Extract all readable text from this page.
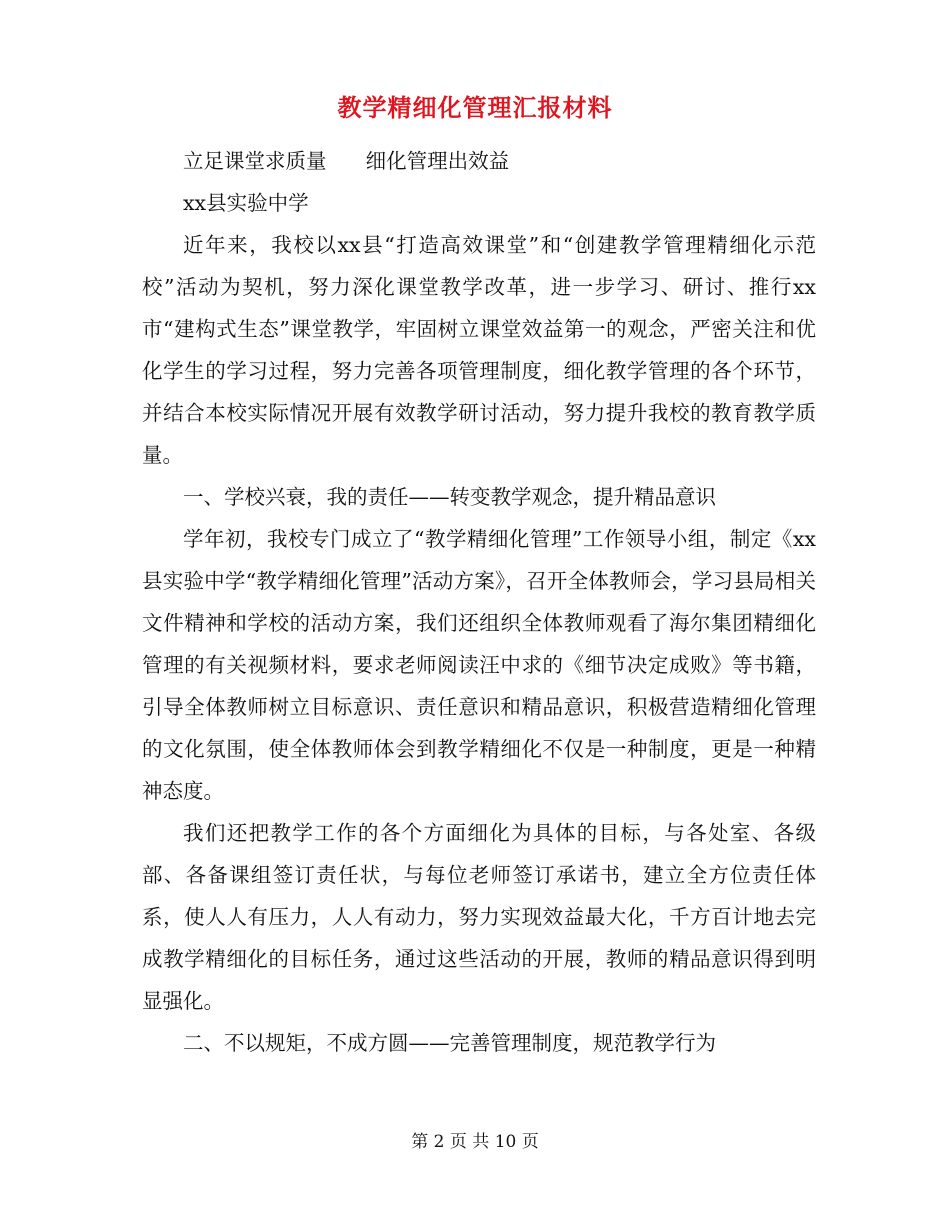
教学精细化管理汇报材料

立足课堂求质量      细化管理出效益

xx县实验中学

近年来，我校以xx县“打造高效课堂”和“创建教学管理精细化示范校”活动为契机，努力深化课堂教学改革，进一步学习、研讨、推行xx市“建构式生态”课堂教学，牢固树立课堂效益第一的观念，严密关注和优化学生的学习过程，努力完善各项管理制度，细化教学管理的各个环节，并结合本校实际情况开展有效教学研讨活动，努力提升我校的教育教学质量。

一、学校兴衰，我的责任——转变教学观念，提升精品意识

学年初，我校专门成立了“教学精细化管理”工作领导小组，制定《xx县实验中学“教学精细化管理”活动方案》，召开全体教师会，学习县局相关文件精神和学校的活动方案，我们还组织全体教师观看了海尔集团精细化管理的有关视频材料，要求老师阅读汪中求的《细节决定成败》等书籍，引导全体教师树立目标意识、责任意识和精品意识，积极营造精细化管理的文化氛围，使全体教师体会到教学精细化不仅是一种制度，更是一种精神态度。

我们还把教学工作的各个方面细化为具体的目标，与各处室、各级部、各备课组签订责任状，与每位老师签订承诺书，建立全方位责任体系，使人人有压力，人人有动力，努力实现效益最大化，千方百计地去完成教学精细化的目标任务，通过这些活动的开展，教师的精品意识得到明显强化。

二、不以规矩，不成方圆——完善管理制度，规范教学行为

第 2 页 共 10 页
